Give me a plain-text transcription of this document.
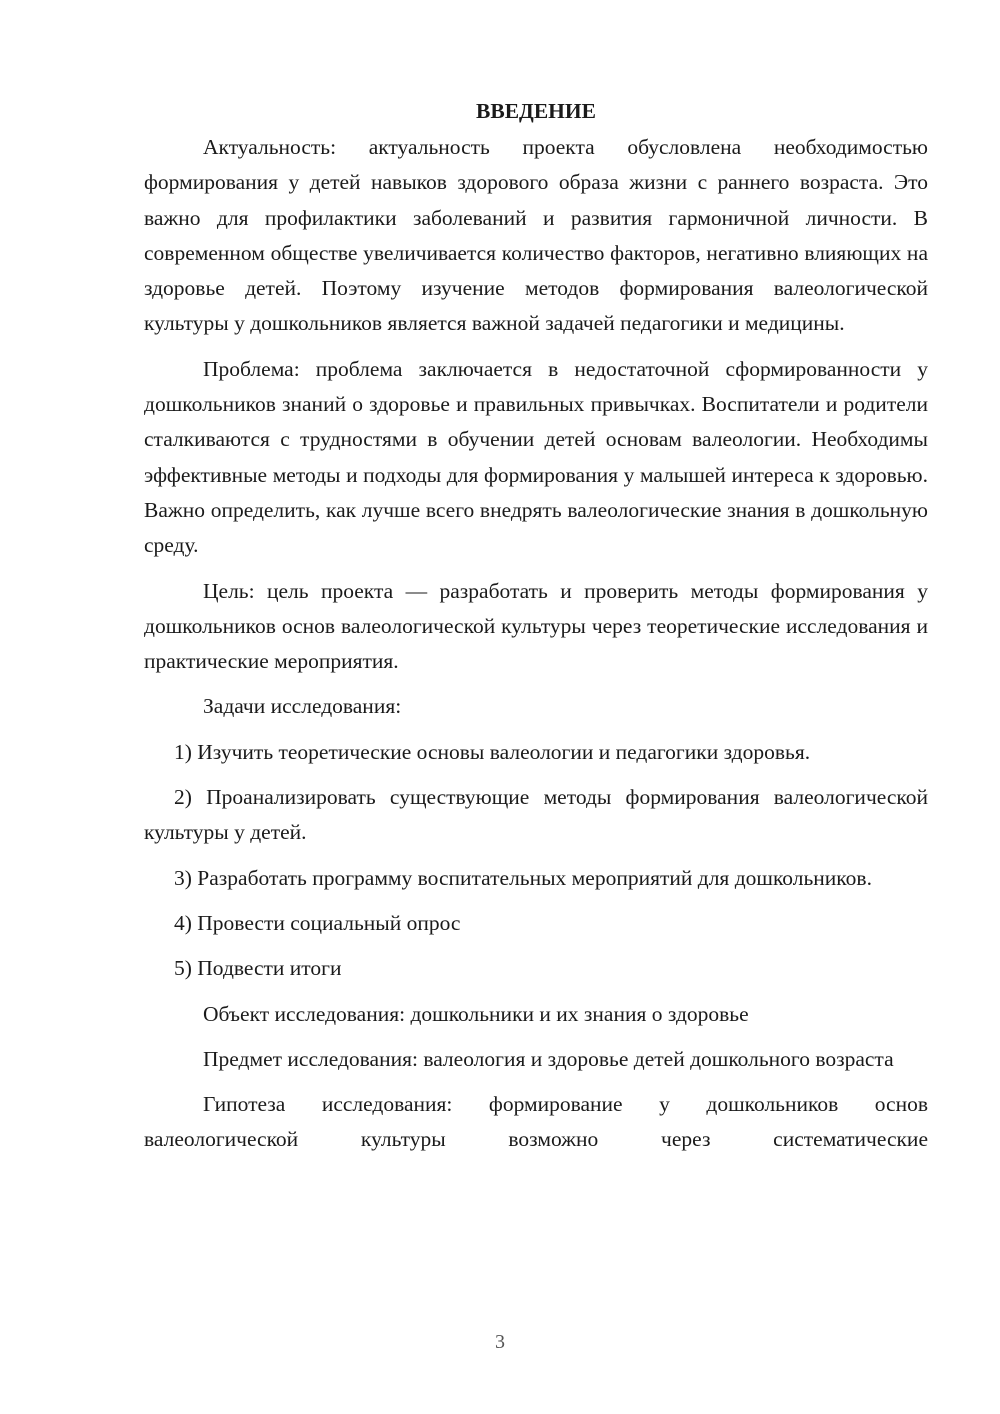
ВВЕДЕНИЕ

Актуальность: актуальность проекта обусловлена необходимостью формирования у детей навыков здорового образа жизни с раннего возраста. Это важно для профилактики заболеваний и развития гармоничной личности. В современном обществе увеличивается количество факторов, негативно влияющих на здоровье детей. Поэтому изучение методов формирования валеологической культуры у дошкольников является важной задачей педагогики и медицины.

Проблема: проблема заключается в недостаточной сформированности у дошкольников знаний о здоровье и правильных привычках. Воспитатели и родители сталкиваются с трудностями в обучении детей основам валеологии. Необходимы эффективные методы и подходы для формирования у малышей интереса к здоровью. Важно определить, как лучше всего внедрять валеологические знания в дошкольную среду.

Цель: цель проекта — разработать и проверить методы формирования у дошкольников основ валеологической культуры через теоретические исследования и практические мероприятия.

Задачи исследования:

1) Изучить теоретические основы валеологии и педагогики здоровья.

2) Проанализировать существующие методы формирования валеологической культуры у детей.

3) Разработать программу воспитательных мероприятий для дошкольников.

4) Провести социальный опрос

5) Подвести итоги

Объект исследования: дошкольники и их знания о здоровье

Предмет исследования: валеология и здоровье детей дошкольного возраста

Гипотеза исследования: формирование у дошкольников основ валеологической культуры возможно через систематические

3
